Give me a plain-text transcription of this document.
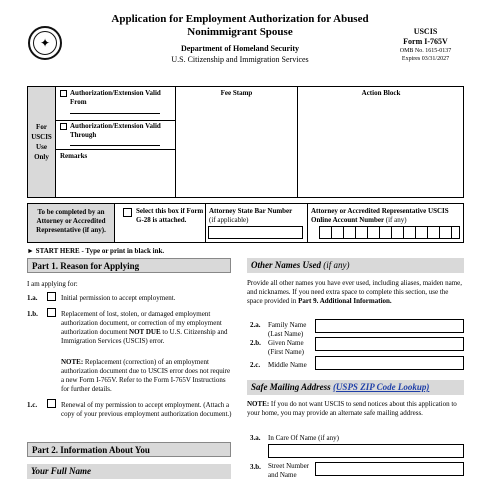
✦
Application for Employment Authorization for Abused Nonimmigrant Spouse
Department of Homeland Security
U.S. Citizenship and Immigration Services
USCIS
Form I-765V
OMB No. 1615-0137
Expires 03/31/2027
For USCIS Use Only
Authorization/Extension Valid From
Authorization/Extension Valid Through
Remarks
Fee Stamp	Action Block
To be completed by an Attorney or Accredited Representative (if any).
Select this box if Form G-28 is attached.
Attorney State Bar Number
(if applicable)
Attorney or Accredited Representative USCIS Online Account Number (if any)
► START HERE - Type or print in black ink.
Part 1. Reason for Applying
I am applying for:
1.a.	Initial permission to accept employment.
1.b.	Replacement of lost, stolen, or damaged employment authorization document, or correction of my employment authorization document NOT DUE to U.S. Citizenship and Immigration Services (USCIS) error.
NOTE: Replacement (correction) of an employment authorization document due to USCIS error does not require a new Form I-765V. Refer to the Form I-765V Instructions for further details.
1.c.	Renewal of my permission to accept employment. (Attach a copy of your previous employment authorization document.)
Part 2. Information About You
Your Full Name
Other Names Used (if any)
Provide all other names you have ever used, including aliases, maiden name, and nicknames. If you need extra space to complete this section, use the space provided in Part 9. Additional Information.
2.a. Family Name (Last Name)
2.b. Given Name (First Name)
2.c. Middle Name
Safe Mailing Address (USPS ZIP Code Lookup)
NOTE: If you do not want USCIS to send notices about this application to your home, you may provide an alternate safe mailing address.
3.a. In Care Of Name (if any)
3.b. Street Number and Name
